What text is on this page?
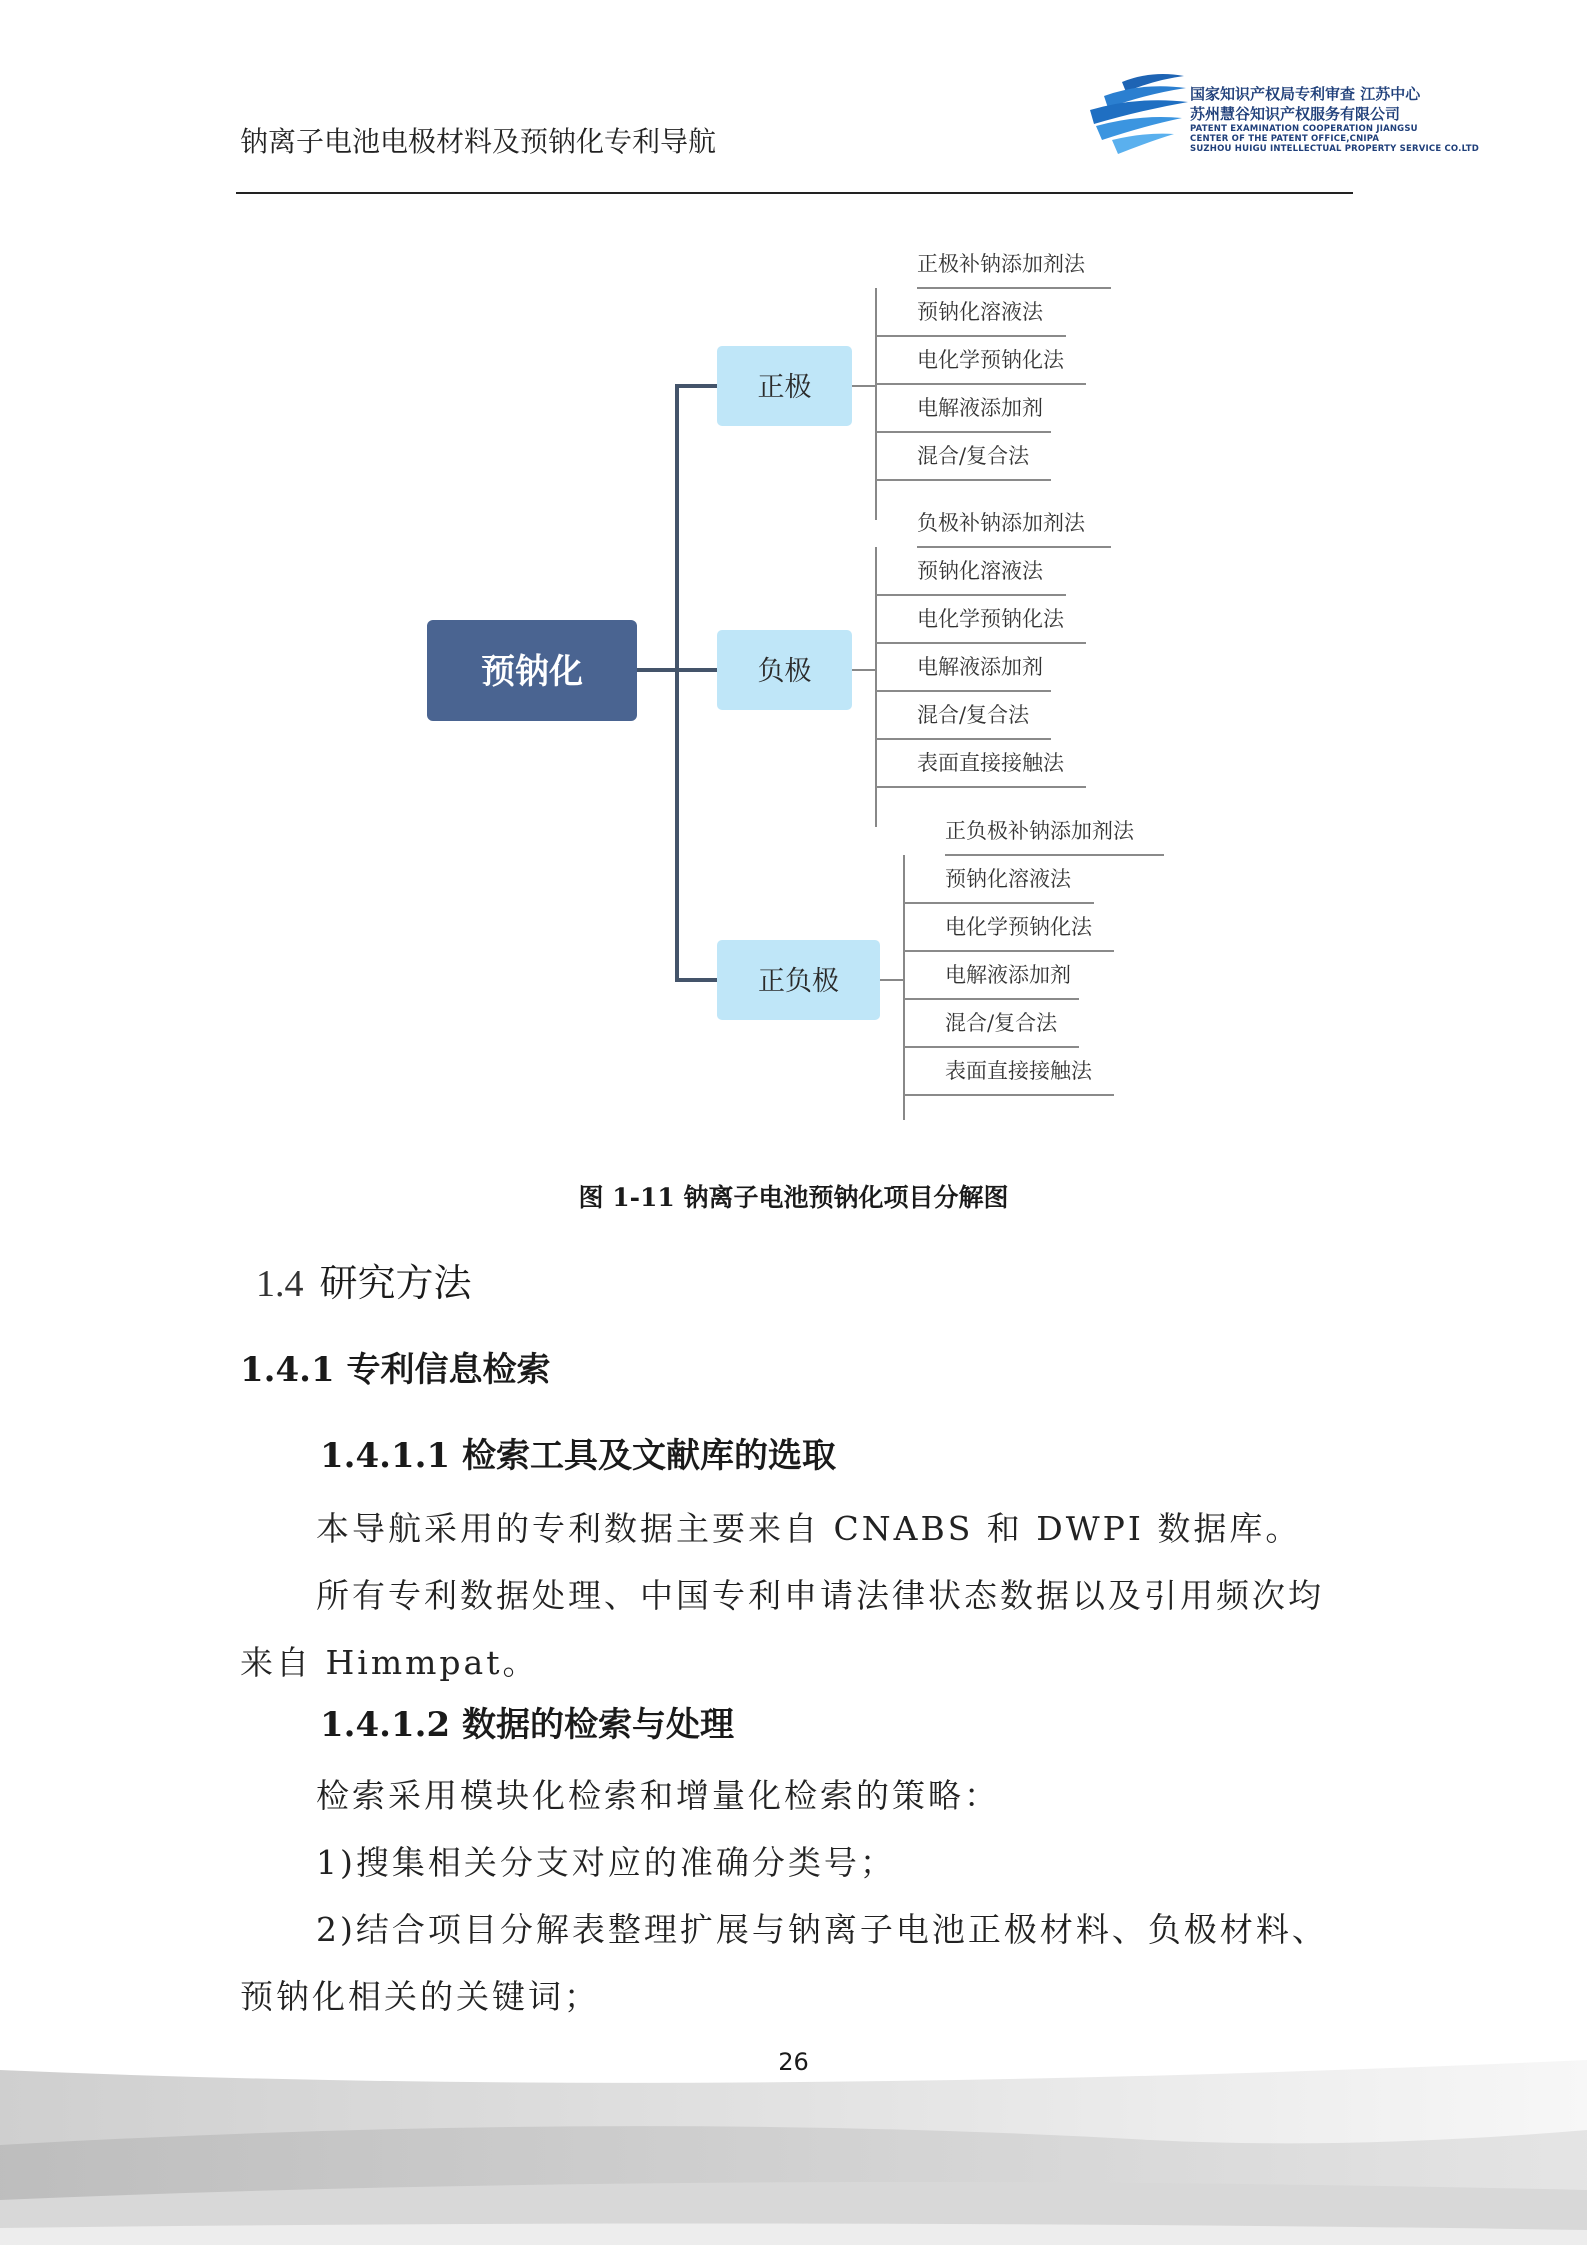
钠离子电池电极材料及预钠化专利导航
国家知识产权局专利审查 江苏中心
苏州慧谷知识产权服务有限公司
PATENT EXAMINATION COOPERATION JIANGSU
CENTER OF THE PATENT OFFICE,CNIPA
SUZHOU HUIGU INTELLECTUAL PROPERTY SERVICE CO.LTD
预钠化
正极
正极补钠添加剂法
预钠化溶液法
电化学预钠化法
电解液添加剂
混合/复合法
负极
负极补钠添加剂法
预钠化溶液法
电化学预钠化法
电解液添加剂
混合/复合法
表面直接接触法
正负极
正负极补钠添加剂法
预钠化溶液法
电化学预钠化法
电解液添加剂
混合/复合法
表面直接接触法
图 1-11 钠离子电池预钠化项目分解图
1.4 研究方法
1.4.1 专利信息检索
1.4.1.1 检索工具及文献库的选取
本导航采用的专利数据主要来自 CNABS 和 DWPI 数据库。
所有专利数据处理、中国专利申请法律状态数据以及引用频次均
来自 Himmpat。
1.4.1.2 数据的检索与处理
检索采用模块化检索和增量化检索的策略：
1)搜集相关分支对应的准确分类号；
2)结合项目分解表整理扩展与钠离子电池正极材料、负极材料、
预钠化相关的关键词；
26
